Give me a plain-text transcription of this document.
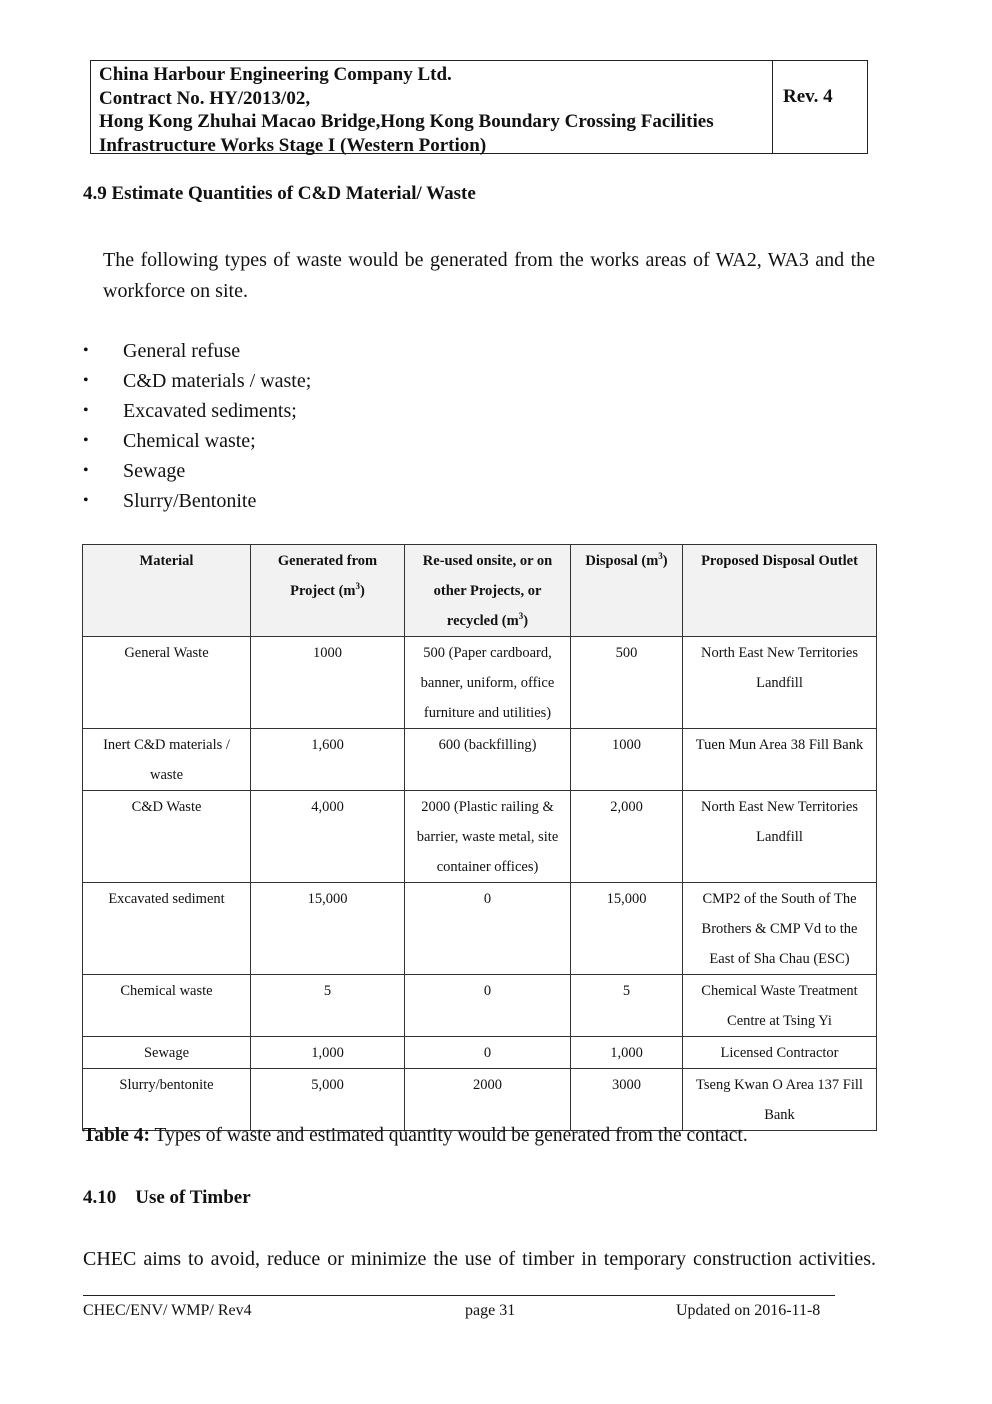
China Harbour Engineering Company Ltd.
Contract No. HY/2013/02,
Hong Kong Zhuhai Macao Bridge,Hong Kong Boundary Crossing Facilities
Infrastructure Works Stage I (Western Portion)
Rev. 4
4.9 Estimate Quantities of C&D Material/ Waste
The following types of waste would be generated from the works areas of WA2, WA3 and the workforce on site.
•	General refuse
•	C&D materials / waste;
•	Excavated sediments;
•	Chemical waste;
•	Sewage
•	Slurry/Bentonite
Material	Generated from Project $(m^3)$	Re-used onsite, or on other Projects, or recycled $(m^3)$	Disposal $(m^3)$	Proposed Disposal Outlet
General Waste	1000	500 (Paper cardboard, banner, uniform, office furniture and utilities)	500	North East New Territories Landfill
Inert C&D materials / waste	1,600	600 (backfilling)	1000	Tuen Mun Area 38 Fill Bank
C&D Waste	4,000	2000 (Plastic railing & barrier, waste metal, site container offices)	2,000	North East New Territories Landfill
Excavated sediment	15,000	0	15,000	CMP2 of the South of The Brothers & CMP Vd to the East of Sha Chau (ESC)
Chemical waste	5	0	5	Chemical Waste Treatment Centre at Tsing Yi
Sewage	1,000	0	1,000	Licensed Contractor
Slurry/bentonite	5,000	2000	3000	Tseng Kwan O Area 137 Fill Bank
Table 4: Types of waste and estimated quantity would be generated from the contact.
4.10 Use of Timber
CHEC aims to avoid, reduce or minimize the use of timber in temporary construction activities.
CHEC/ENV/ WMP/ Rev4	page 31	Updated on 2016-11-8
